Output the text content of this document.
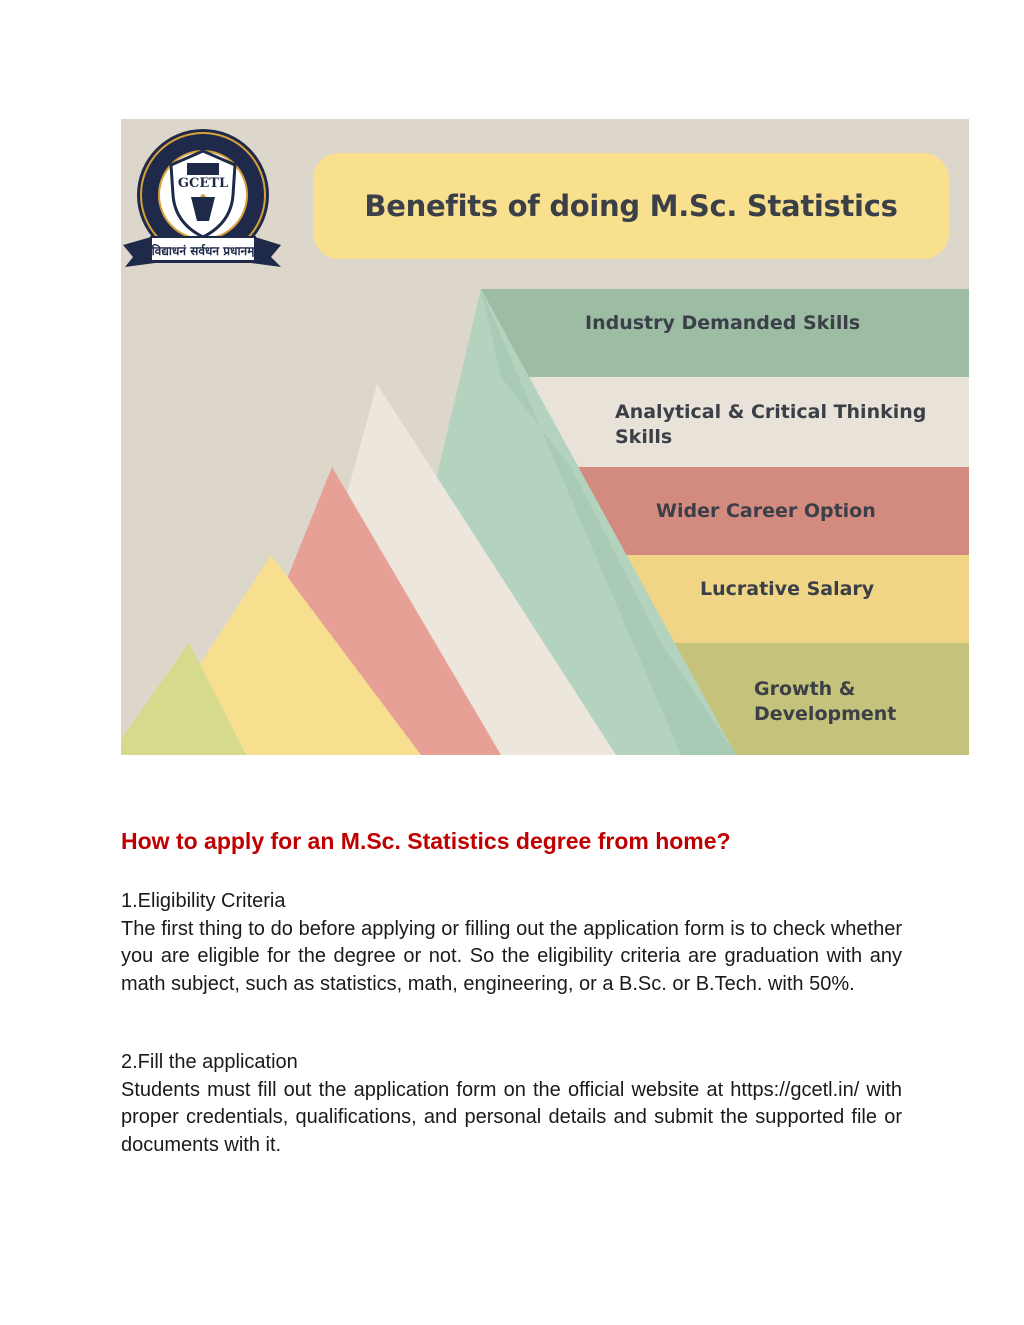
GCETL
विद्याधनं सर्वधन प्रधानम्
Benefits of doing M.Sc. Statistics
Industry Demanded Skills
Analytical & Critical Thinking
Skills
Wider Career Option
Lucrative Salary
Growth &
Development
How to apply for an M.Sc. Statistics degree from home?
1.Eligibility Criteria
The first thing to do before applying or filling out the application form is to check whether you are eligible for the degree or not. So the eligibility criteria are graduation with any math subject, such as statistics, math, engineering, or a B.Sc. or B.Tech. with 50%.
2.Fill the application
Students must fill out the application form on the official website at https://gcetl.in/ with proper credentials, qualifications, and personal details and submit the supported file or documents with it.
